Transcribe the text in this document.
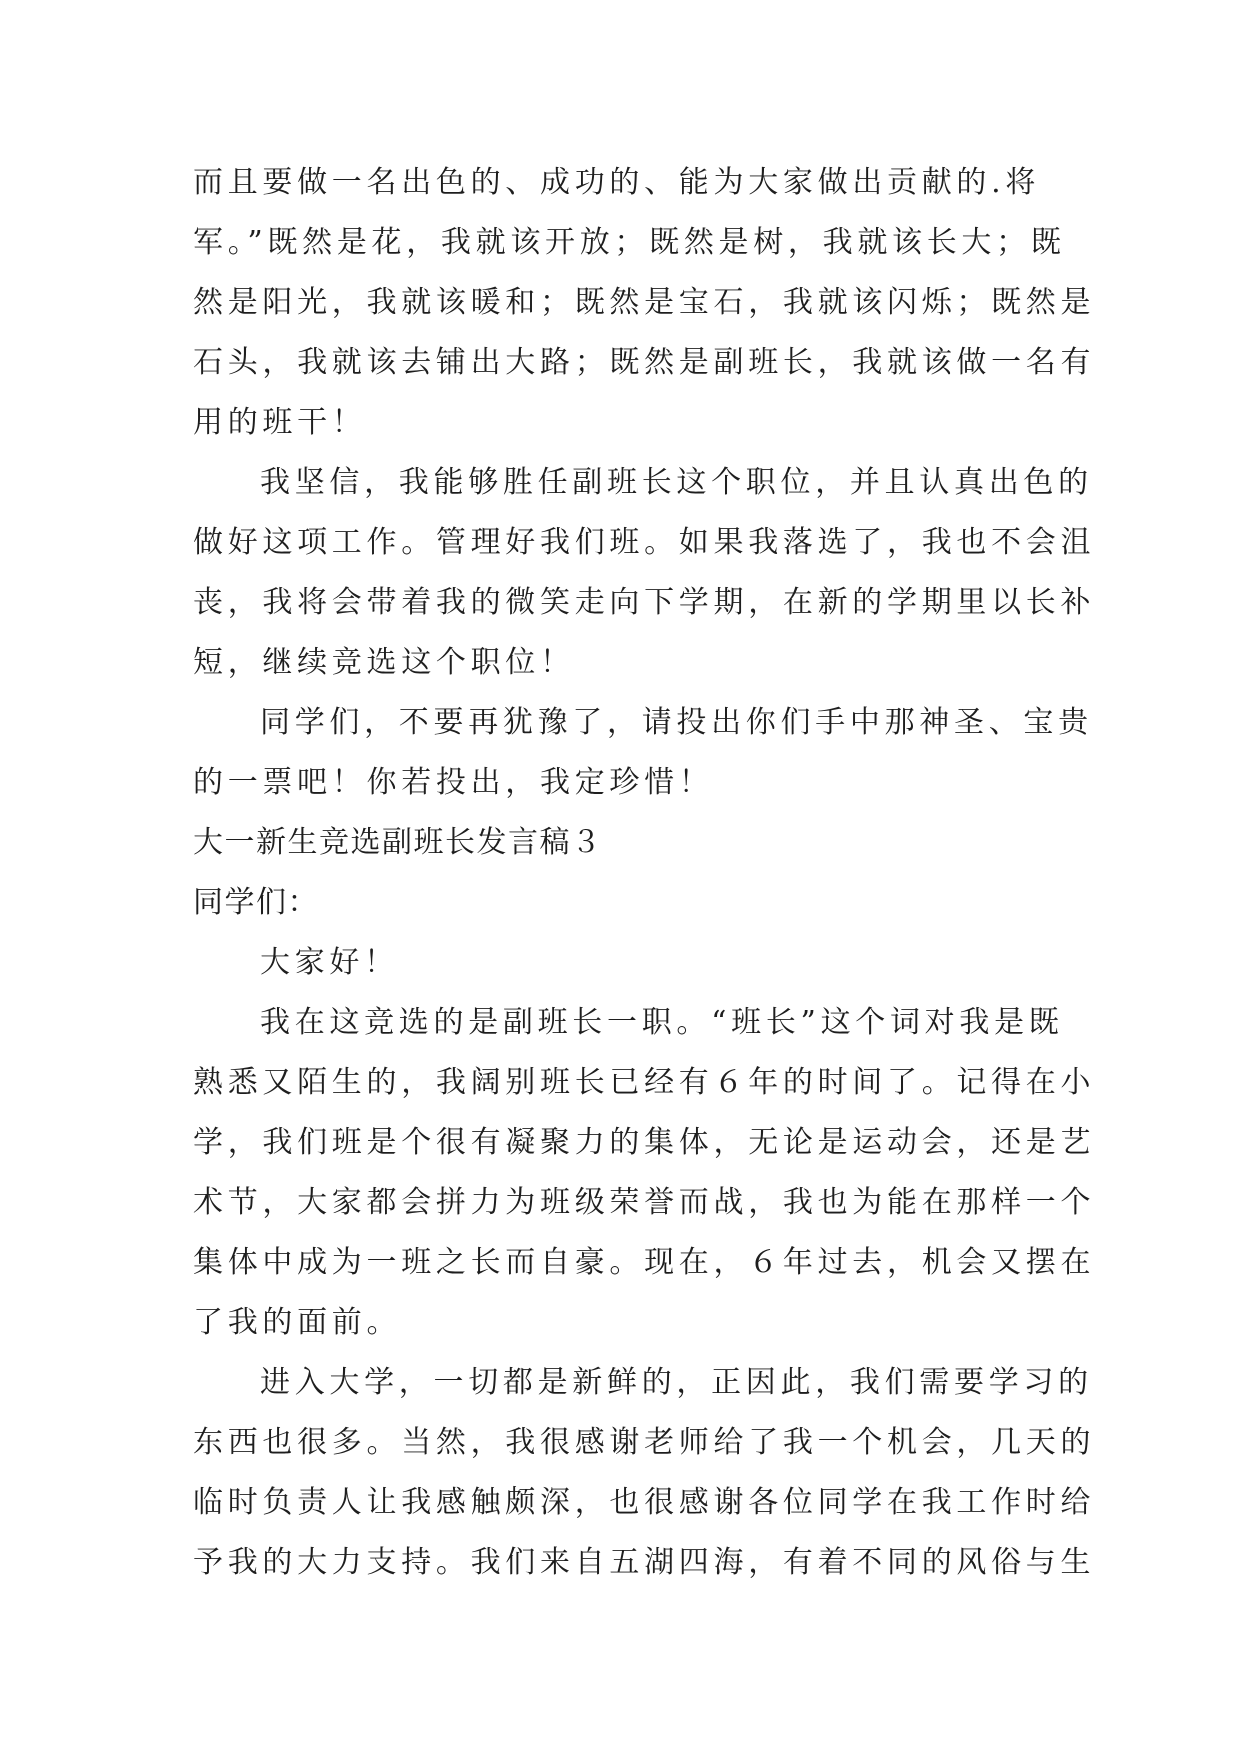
而且要做一名出色的、成功的、能为大家做出贡献的.将
军。”既然是花，我就该开放；既然是树，我就该长大；既
然是阳光，我就该暖和；既然是宝石，我就该闪烁；既然是
石头，我就该去铺出大路；既然是副班长，我就该做一名有
用的班干！
我坚信，我能够胜任副班长这个职位，并且认真出色的
做好这项工作。管理好我们班。如果我落选了，我也不会沮
丧，我将会带着我的微笑走向下学期，在新的学期里以长补
短，继续竞选这个职位！
同学们，不要再犹豫了，请投出你们手中那神圣、宝贵
的一票吧！你若投出，我定珍惜！
大一新生竞选副班长发言稿３
同学们：
大家好！
我在这竞选的是副班长一职。“班长”这个词对我是既
熟悉又陌生的，我阔别班长已经有６年的时间了。记得在小
学，我们班是个很有凝聚力的集体，无论是运动会，还是艺
术节，大家都会拼力为班级荣誉而战，我也为能在那样一个
集体中成为一班之长而自豪。现在，６年过去，机会又摆在
了我的面前。
进入大学，一切都是新鲜的，正因此，我们需要学习的
东西也很多。当然，我很感谢老师给了我一个机会，几天的
临时负责人让我感触颇深，也很感谢各位同学在我工作时给
予我的大力支持。我们来自五湖四海，有着不同的风俗与生
